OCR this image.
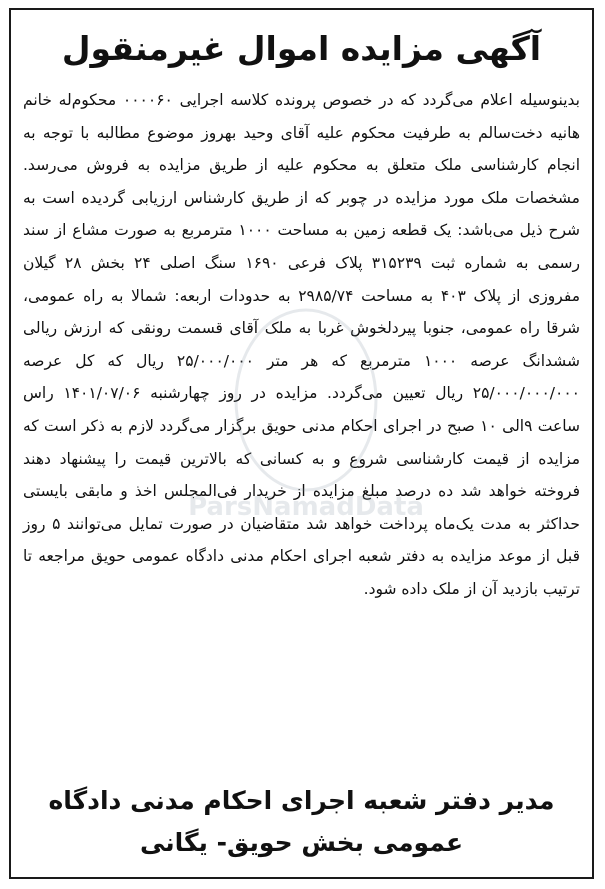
آگهی مزایده اموال غیرمنقول

بدینوسیله اعلام می‌گردد که در خصوص پرونده کلاسه اجرایی ۰۰۰۰۶۰ محکوم‌له خانم هانیه دخت‌سالم به طرفیت محکوم علیه آقای وحید بهروز موضوع مطالبه با توجه به انجام کارشناسی ملک متعلق به محکوم علیه از طریق مزایده به فروش می‌رسد. مشخصات ملک مورد مزایده در چوبر که از طریق کارشناس ارزیابی گردیده است به شرح ذیل می‌باشد: یک قطعه زمین به مساحت ۱۰۰۰ مترمربع به صورت مشاع از سند رسمی به شماره ثبت ۳۱۵۲۳۹ پلاک فرعی ۱۶۹۰ سنگ اصلی ۲۴ بخش ۲۸ گیلان مفروزی از پلاک ۴۰۳ به مساحت ۲۹۸۵/۷۴ به حدودات اربعه: شمالا به راه عمومی، شرقا راه عمومی، جنوبا پیردلخوش غربا به ملک آقای قسمت رونقی که ارزش ریالی ششدانگ عرصه ۱۰۰۰ مترمربع که هر متر ۲۵/۰۰۰/۰۰۰ ریال که کل عرصه ۲۵/۰۰۰/۰۰۰/۰۰۰ ریال تعیین می‌گردد. مزایده در روز چهارشنبه ۱۴۰۱/۰۷/۰۶ راس ساعت ۹الی ۱۰ صبح در اجرای احکام مدنی حویق برگزار می‌گردد لازم به ذکر است که مزایده از قیمت کارشناسی شروع و به کسانی که بالاترین قیمت را پیشنهاد دهند فروخته خواهد شد ده درصد مبلغ مزایده از خریدار فی‌المجلس اخذ و مابقی بایستی حداکثر به مدت یک‌ماه پرداخت خواهد شد متقاضیان در صورت تمایل می‌توانند ۵ روز قبل از موعد مزایده به دفتر شعبه اجرای احکام مدنی دادگاه عمومی حویق مراجعه تا ترتیب بازدید آن از ملک داده شود.

مدیر دفتر شعبه اجرای احکام مدنی دادگاه
عمومی بخش حویق- یگانی
ParsNamadData
